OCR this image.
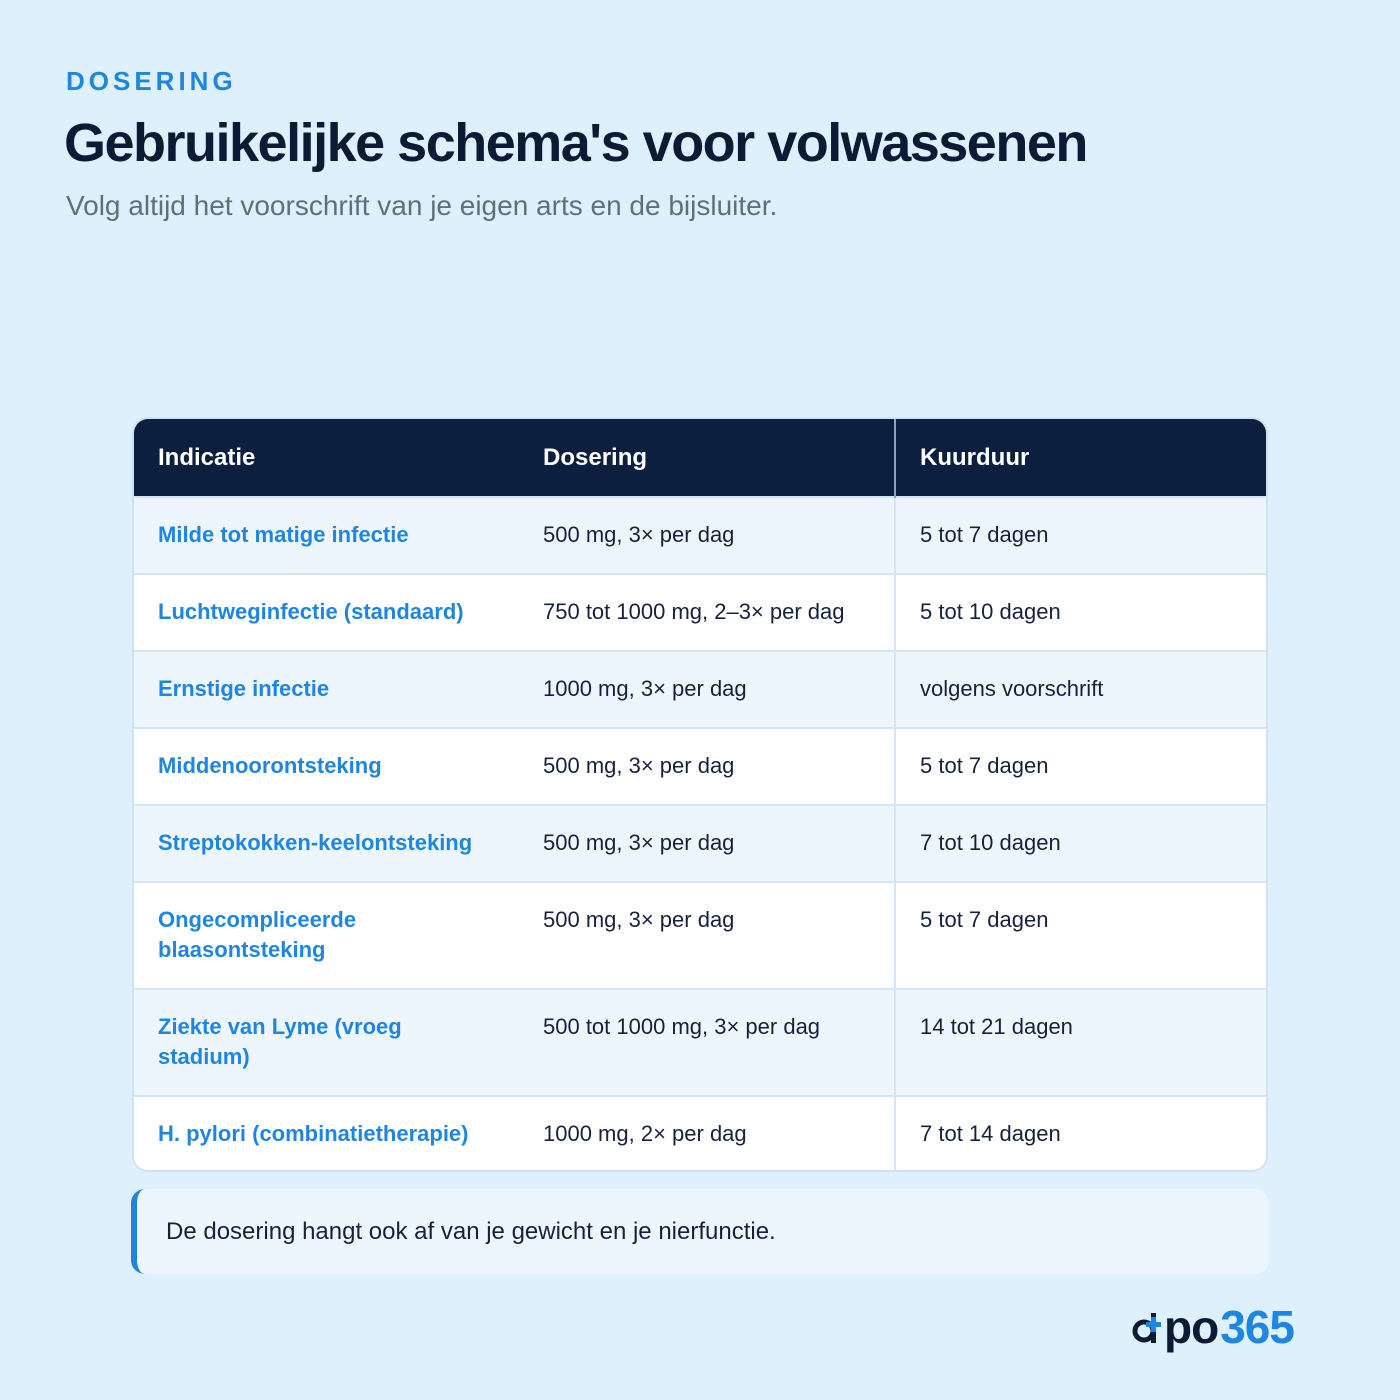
DOSERING
Gebruikelijke schema's voor volwassenen

Volg altijd het voorschrift van je eigen arts en de bijsluiter.

Indicatie	Dosering	Kuurduur
Milde tot matige infectie	500 mg, 3× per dag	5 tot 7 dagen
Luchtweginfectie (standaard)	750 tot 1000 mg, 2–3× per dag	5 tot 10 dagen
Ernstige infectie	1000 mg, 3× per dag	volgens voorschrift
Middenoorontsteking	500 mg, 3× per dag	5 tot 7 dagen
Streptokokken-keelontsteking	500 mg, 3× per dag	7 tot 10 dagen
Ongecompliceerde blaasontsteking	500 mg, 3× per dag	5 tot 7 dagen
Ziekte van Lyme (vroeg stadium)	500 tot 1000 mg, 3× per dag	14 tot 21 dagen
H. pylori (combinatietherapie)	1000 mg, 2× per dag	7 tot 14 dagen
De dosering hangt ook af van je gewicht en je nierfunctie.
po 365
